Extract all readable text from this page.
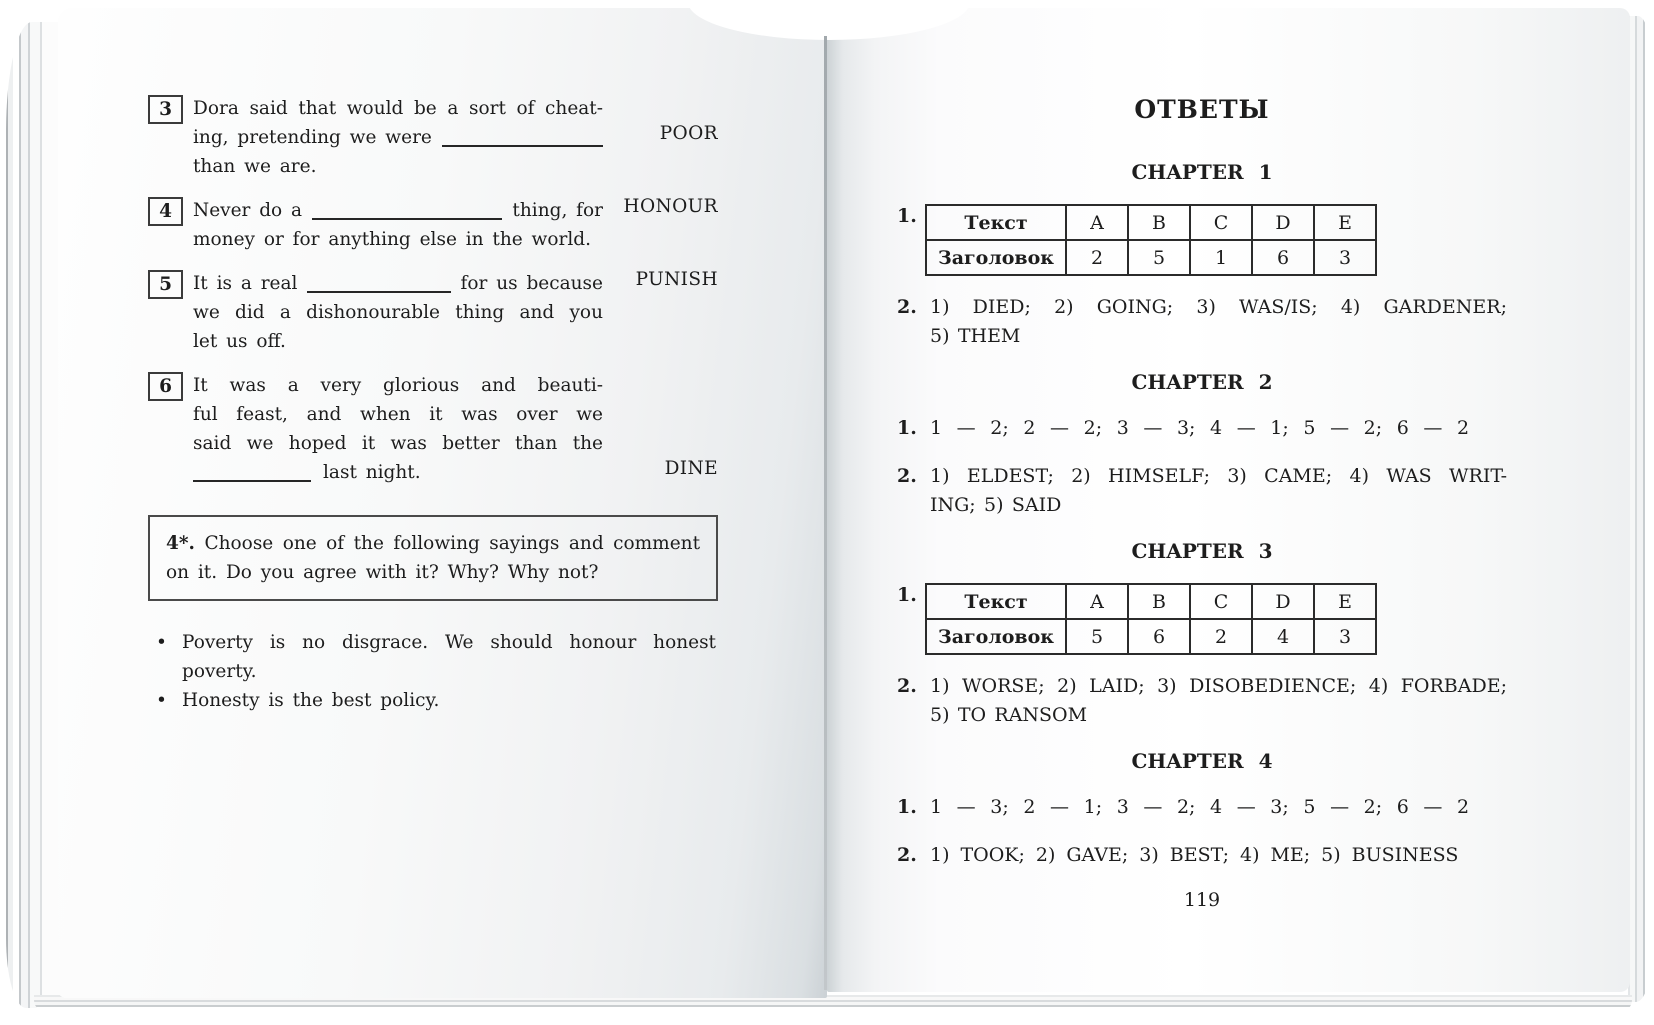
3 Dora said that would be a sort of cheat-
ing, pretending we were
than we are.
POOR
4 Never do a	thing, for
money or for anything else in the world.
HONOUR
5 It is a real	for us because
we did a dishonourable thing and you
let us off.
PUNISH
6 It was a very glorious and beauti-
ful feast, and when it was over we
said we hoped it was better than the
last night.	DINE
4*. Choose one of the following sayings and comment
on it. Do you agree with it? Why? Why not?
• Poverty is no disgrace. We should honour honest
poverty.
• Honesty is the best policy.
ОТВЕТЫ
CHAPTER 1
1.	Текст	A	B	C	D	E
Заголовок	2	5	1	6	3
2. 1) DIED; 2) GOING; 3) WAS/IS; 4) GARDENER;
5) THEM
CHAPTER 2
1. 1 — 2; 2 — 2; 3 — 3; 4 — 1; 5 — 2; 6 — 2
2. 1) ELDEST; 2) HIMSELF; 3) CAME; 4) WAS WRIT-
ING; 5) SAID
CHAPTER 3
1.	Текст	A	B	C	D	E
Заголовок	5	6	2	4	3
2. 1) WORSE; 2) LAID; 3) DISOBEDIENCE; 4) FORBADE;
5) TO RANSOM
CHAPTER 4
1. 1 — 3; 2 — 1; 3 — 2; 4 — 3; 5 — 2; 6 — 2
2. 1) TOOK; 2) GAVE; 3) BEST; 4) ME; 5) BUSINESS
119
